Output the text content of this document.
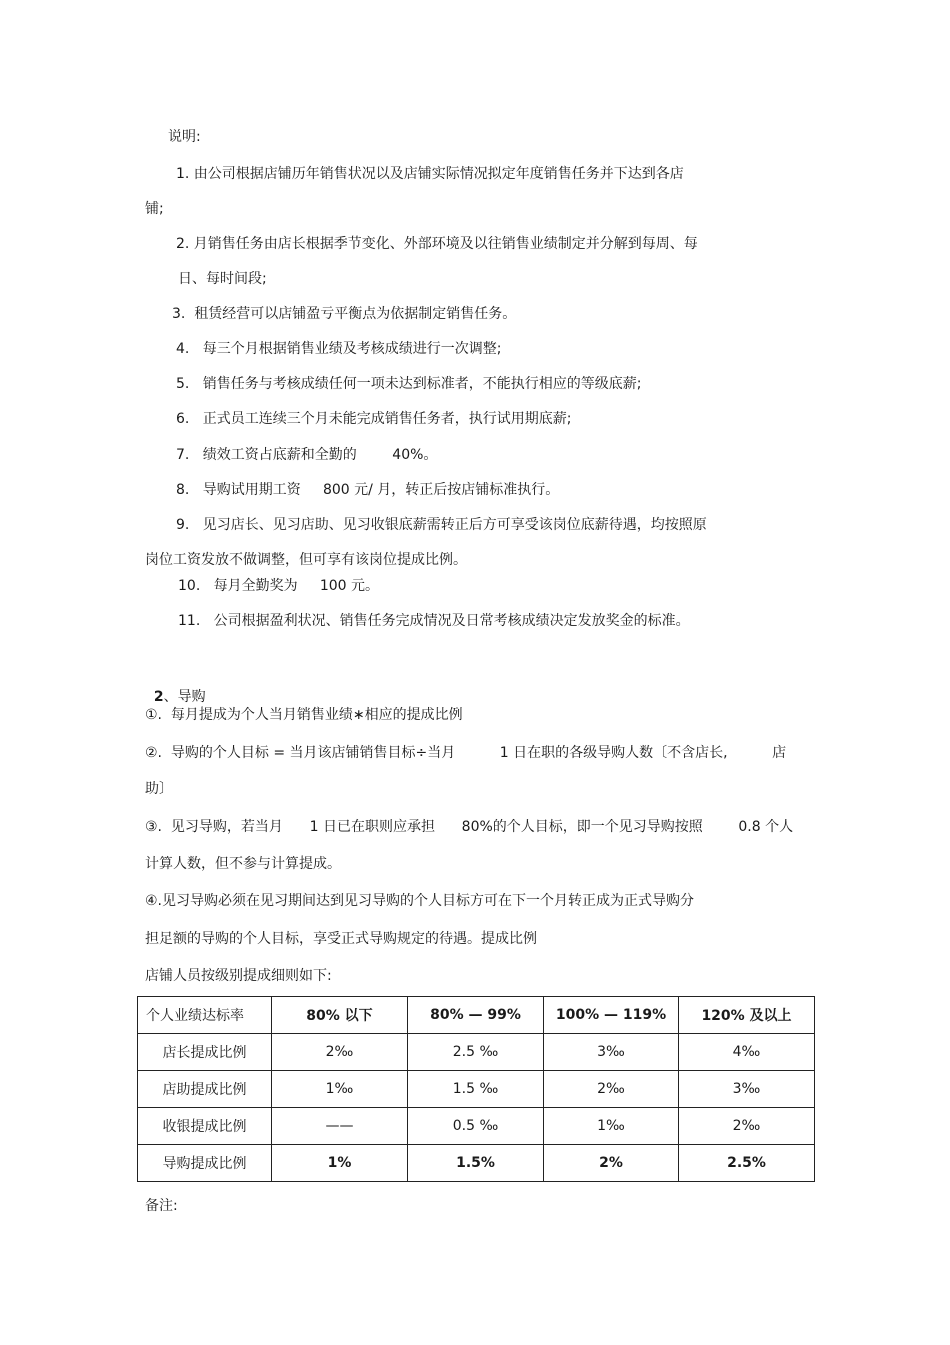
说明:
1. 由公司根据店铺历年销售状况以及店铺实际情况拟定年度销售任务并下达到各店
铺;
2. 月销售任务由店长根据季节变化、外部环境及以往销售业绩制定并分解到每周、每
日、每时间段;
3.  租赁经营可以店铺盈亏平衡点为依据制定销售任务。
4.   每三个月根据销售业绩及考核成绩进行一次调整;
5.   销售任务与考核成绩任何一项未达到标准者，不能执行相应的等级底薪;
6.   正式员工连续三个月未能完成销售任务者，执行试用期底薪;
7.   绩效工资占底薪和全勤的        40%。
8.   导购试用期工资     800 元/ 月，转正后按店铺标准执行。
9.   见习店长、见习店助、见习收银底薪需转正后方可享受该岗位底薪待遇，均按照原
岗位工资发放不做调整，但可享有该岗位提成比例。
10.   每月全勤奖为     100 元。
11.   公司根据盈利状况、销售任务完成情况及日常考核成绩决定发放奖金的标准。

2、导购

①.  每月提成为个人当月销售业绩∗相应的提成比例
②.  导购的个人目标 = 当月该店铺销售目标÷当月          1 日在职的各级导购人数〔不含店长,          店
助〕
③.  见习导购，若当月      1 日已在职则应承担      80%的个人目标，即一个见习导购按照        0.8 个人
计算人数，但不参与计算提成。
④.见习导购必须在见习期间达到见习导购的个人目标方可在下一个月转正成为正式导购分
担足额的导购的个人目标，享受正式导购规定的待遇。提成比例
店铺人员按级别提成细则如下:
个人业绩达标率	80% 以下	80% — 99%	100% — 119%	120% 及以上
店长提成比例	2‰	2.5 ‰	3‰	4‰
店助提成比例	1‰	1.5 ‰	2‰	3‰
收银提成比例	——	0.5 ‰	1‰	2‰
导购提成比例	1%	1.5%	2%	2.5%
备注:
